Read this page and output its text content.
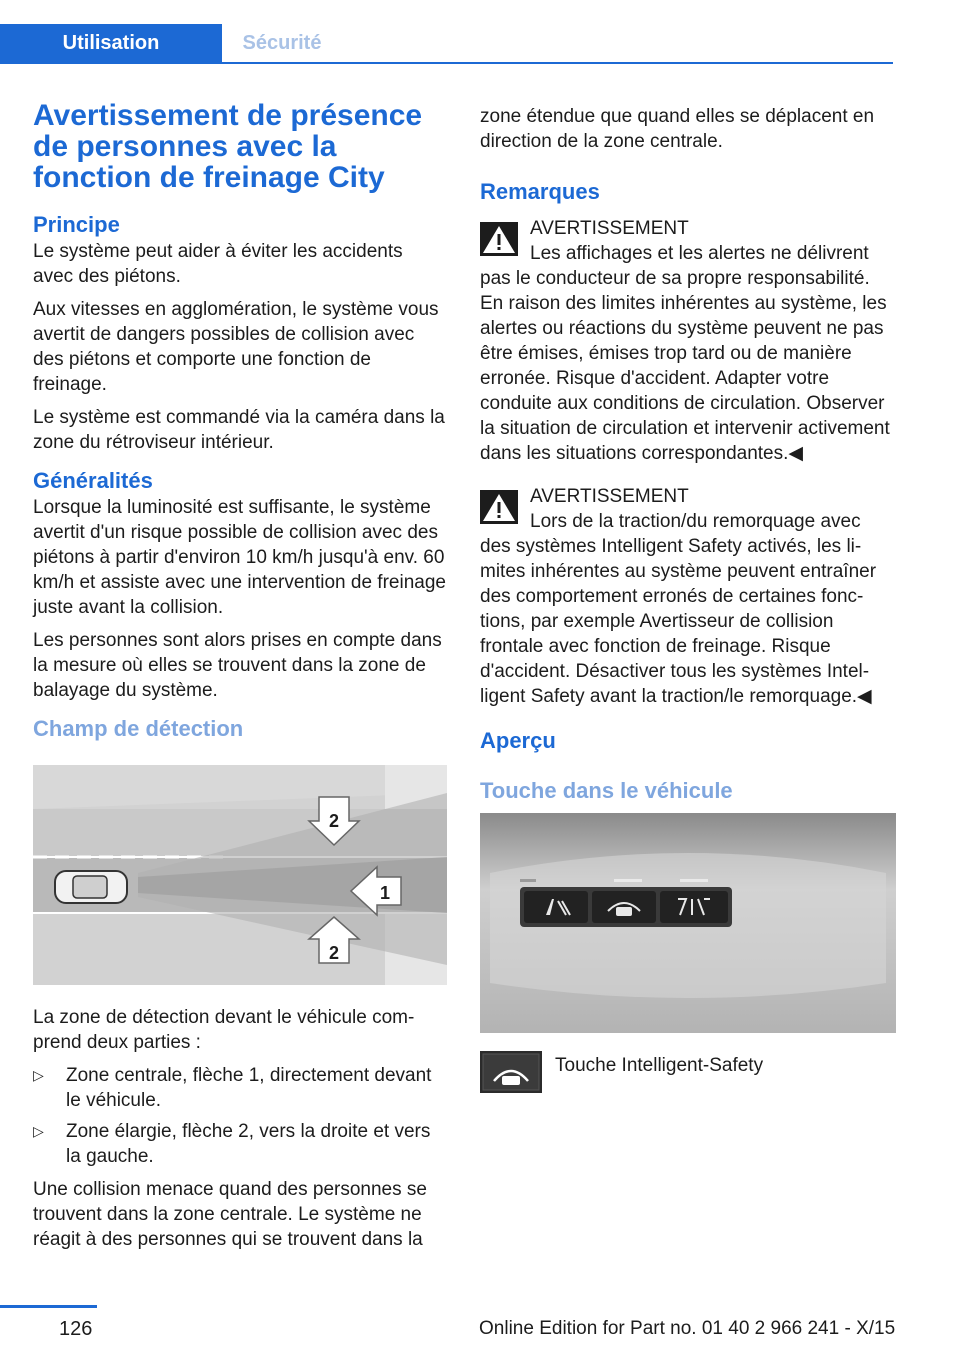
Utilisation	Sécurité
Avertissement de présence de personnes avec la fonction de freinage City
Principe

Le système peut aider à éviter les accidents avec des piétons.

Aux vitesses en agglomération, le système vous avertit de dangers possibles de collision avec des piétons et comporte une fonction de freinage.

Le système est commandé via la caméra dans la zone du rétroviseur intérieur.

Généralités

Lorsque la luminosité est suffisante, le système avertit d'un risque possible de collision avec des piétons à partir d'environ 10 km/h jusqu'à env. 60 km/h et assiste avec une intervention de freinage juste avant la collision.

Les personnes sont alors prises en compte dans la mesure où elles se trouvent dans la zone de balayage du système.

Champ de détection
2
1
2

La zone de détection devant le véhicule comprend deux parties :

▷ Zone centrale, flèche 1, directement devant le véhicule.
▷ Zone élargie, flèche 2, vers la droite et vers la gauche.

Une collision menace quand des personnes se trouvent dans la zone centrale. Le système ne réagit à des personnes qui se trouvent dans la

zone étendue que quand elles se déplacent en direction de la zone centrale.

Remarques
AVERTISSEMENT
Les affichages et les alertes ne délivrent
pas le conducteur de sa propre responsabilité. En raison des limites inhérentes au système, les alertes ou réactions du système peuvent ne pas être émises, émises trop tard ou de manière erronée. Risque d'accident. Adapter votre conduite aux conditions de circulation. Observer la situation de circulation et intervenir activement dans les situations correspondantes.◀
AVERTISSEMENT
Lors de la traction/du remorquage avec
des systèmes Intelligent Safety activés, les limites inhérentes au système peuvent entraîner des comportement erronés de certaines fonctions, par exemple Avertisseur de collision frontale avec fonction de freinage. Risque d'accident. Désactiver tous les systèmes Intelligent Safety avant la traction/le remorquage.◀
Aperçu
Touche dans le véhicule
Touche Intelligent-Safety
126	Online Edition for Part no. 01 40 2 966 241 - X/15
